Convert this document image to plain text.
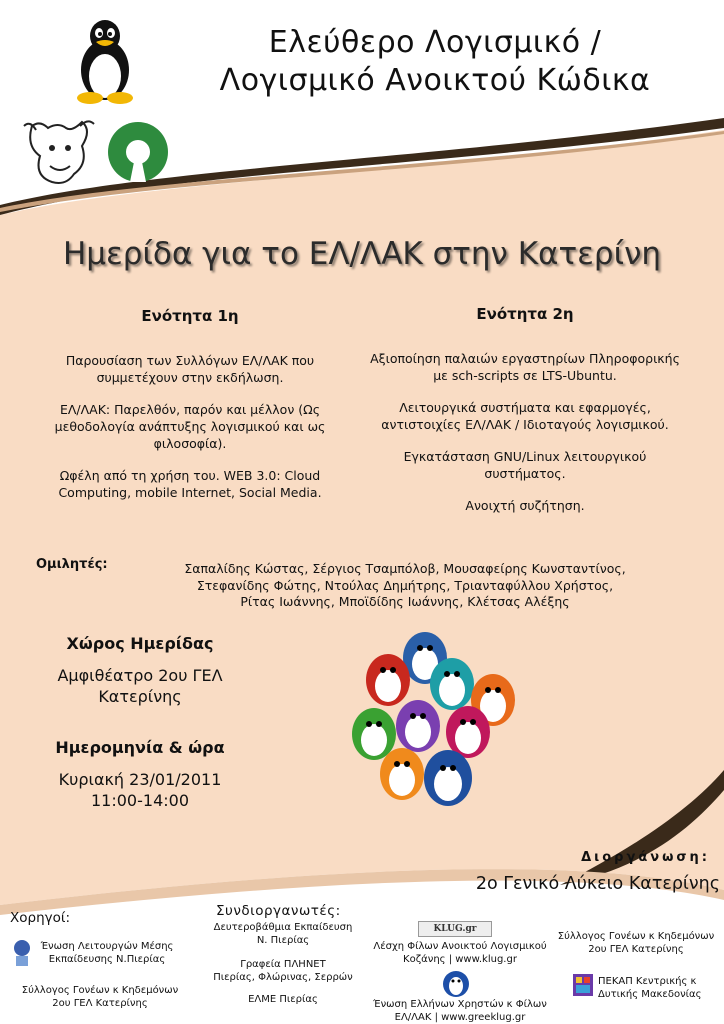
Ελεύθερο Λογισμικό /
Λογισμικό Ανοικτού Κώδικα
Ημερίδα για το ΕΛ/ΛΑΚ στην Κατερίνη
Ενότητα 1η

Παρουσίαση των Συλλόγων ΕΛ/ΛΑΚ που συμμετέχουν στην εκδήλωση.

ΕΛ/ΛΑΚ: Παρελθόν, παρόν και μέλλον (Ως μεθοδολογία ανάπτυξης λογισμικού και ως φιλοσοφία).

Ωφέλη από τη χρήση του. WEB 3.0: Cloud Computing, mobile Internet, Social Media.

Ενότητα 2η

Αξιοποίηση παλαιών εργαστηρίων Πληροφορικής με sch-scripts σε LTS-Ubuntu.

Λειτουργικά συστήματα και εφαρμογές, αντιστοιχίες ΕΛ/ΛΑΚ / Ιδιοταγούς λογισμικού.

Εγκατάσταση GNU/Linux λειτουργικού συστήματος.

Ανοιχτή συζήτηση.

Ομιλητές:	Σαπαλίδης Κώστας, Σέργιος Τσαμπόλοβ, Μουσαφείρης Κωνσταντίνος,
Στεφανίδης Φώτης, Ντούλας Δημήτρης, Τριανταφύλλου Χρήστος,
Ρίτας Ιωάννης, Μποϊδίδης Ιωάννης, Κλέτσας Αλέξης
Χώρος Ημερίδας
Αμφιθέατρο 2ου ΓΕΛ
Κατερίνης
Ημερομηνία & ώρα
Κυριακή 23/01/2011
11:00-14:00
Διοργάνωση:
2ο Γενικό Λύκειο Κατερίνης
Χορηγοί:
Ένωση Λειτουργών Μέσης Εκπαίδευσης Ν.Πιερίας
Σύλλογος Γονέων κ Κηδεμόνων
2ου ΓΕΛ Κατερίνης
Συνδιοργανωτές:
Δευτεροβάθμια Εκπαίδευση
Ν. Πιερίας
Γραφεία ΠΛΗΝΕΤ
Πιερίας, Φλώρινας, Σερρών
ΕΛΜΕ Πιερίας
KLUG.gr
Λέσχη Φίλων Ανοικτού Λογισμικού
Κοζάνης | www.klug.gr
Ένωση Ελλήνων Χρηστών κ Φίλων
ΕΛ/ΛΑΚ | www.greeklug.gr
Σύλλογος Γονέων κ Κηδεμόνων
2ου ΓΕΛ Κατερίνης
ΠΕΚΑΠ Κεντρικής κ
Δυτικής Μακεδονίας
